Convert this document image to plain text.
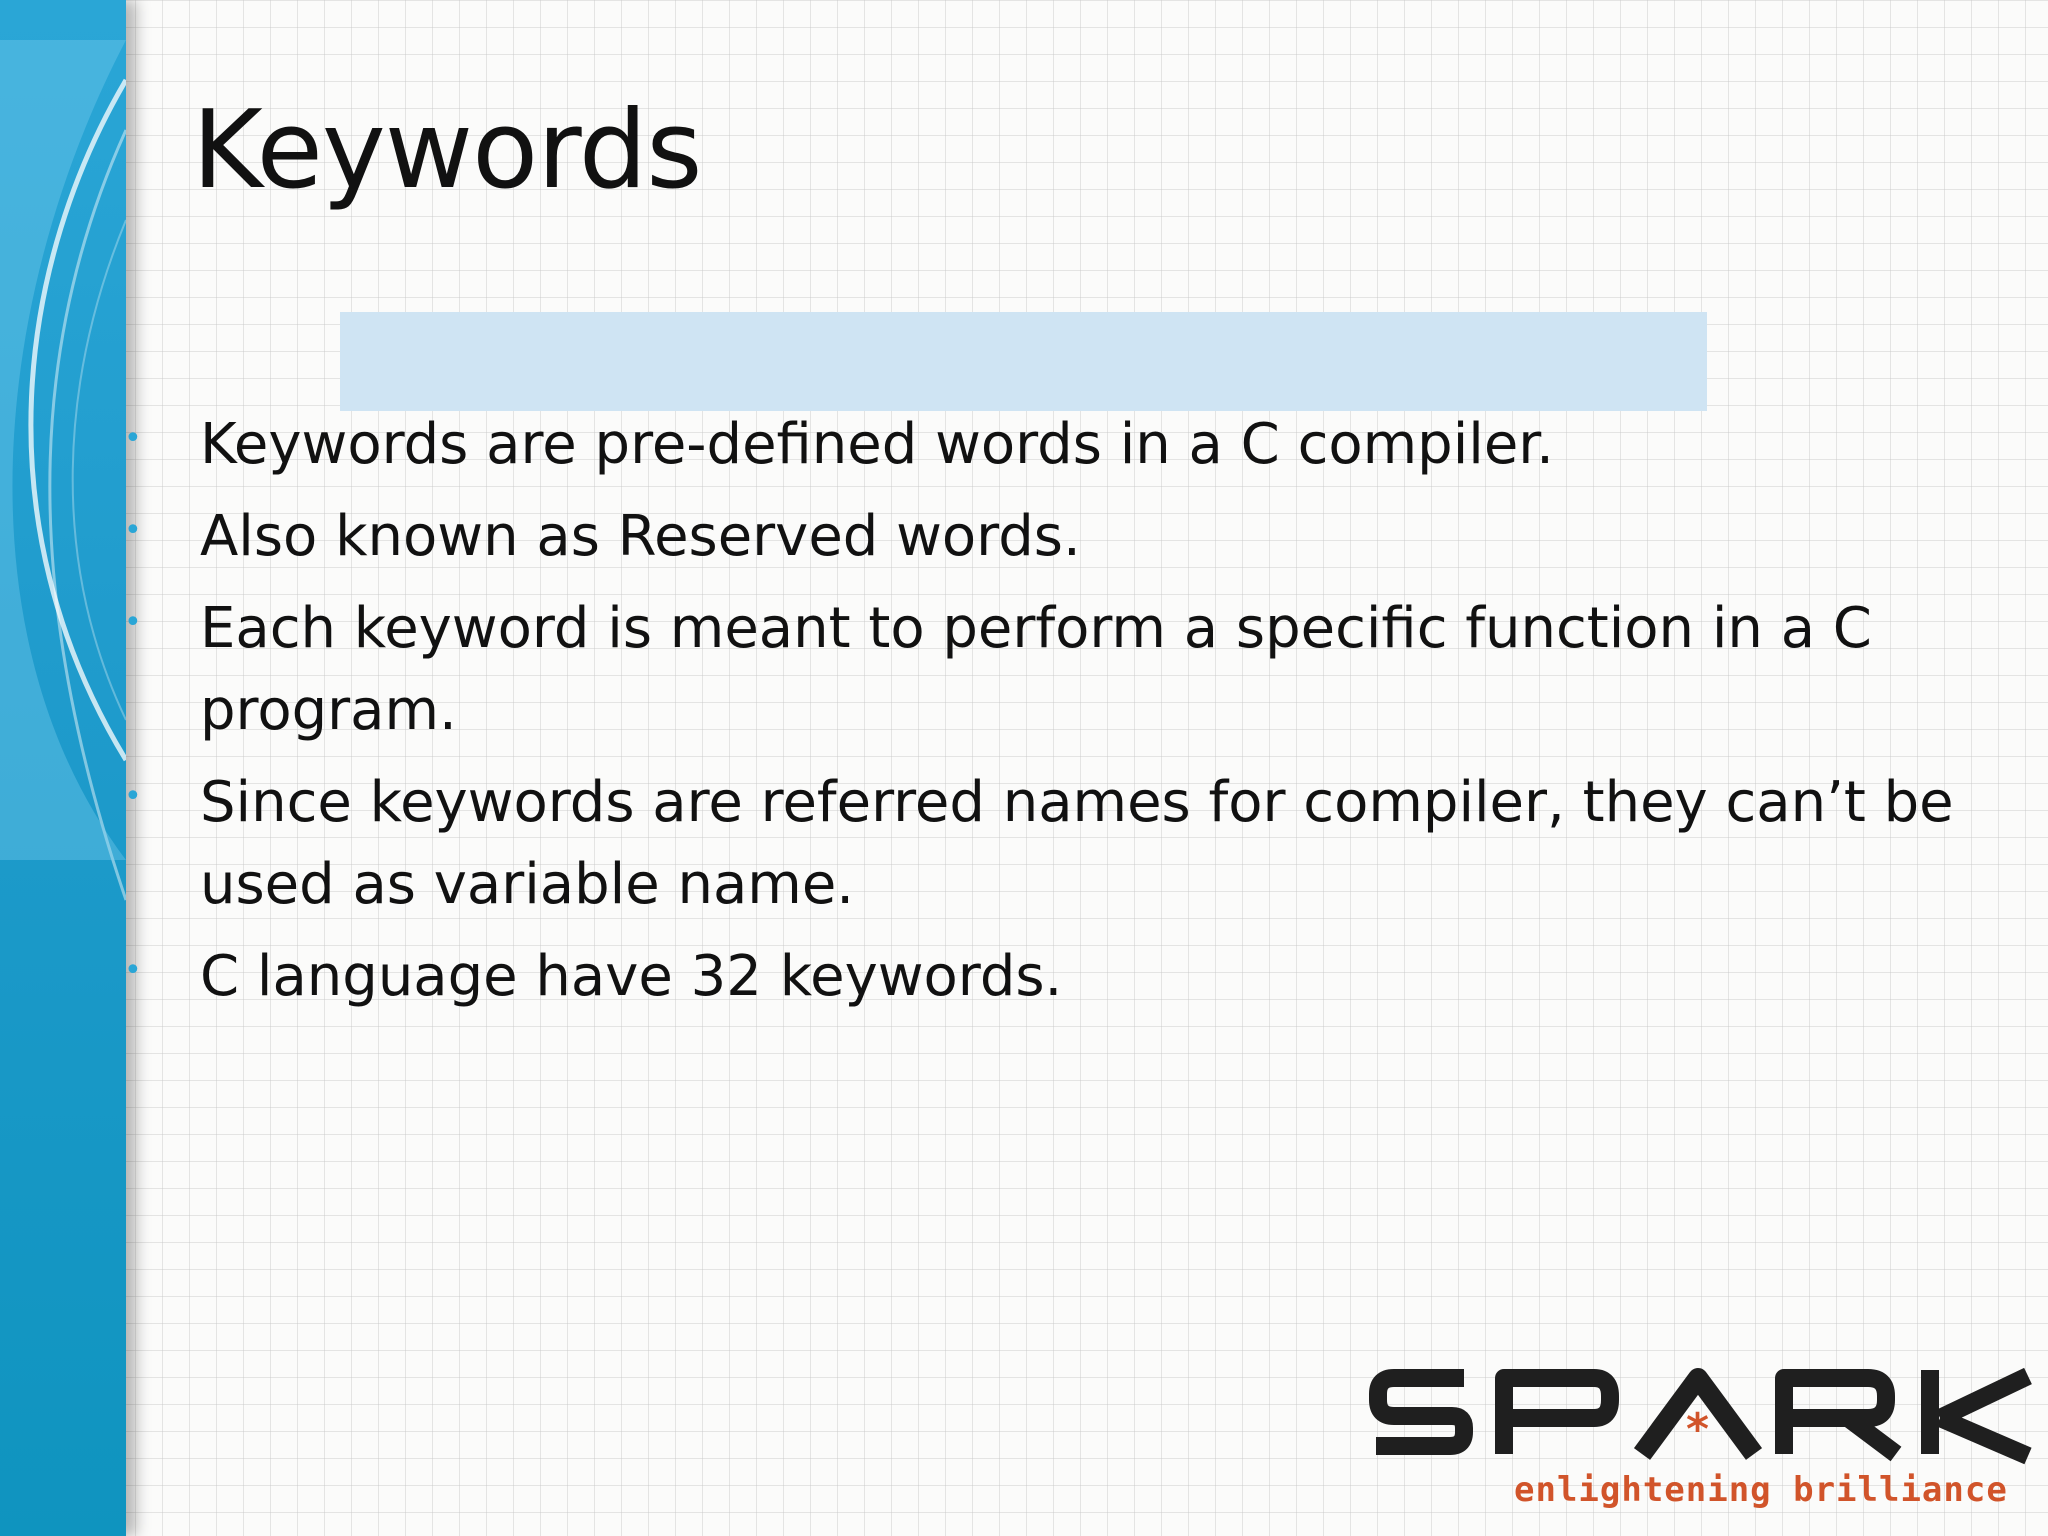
Keywords
• Keywords are pre-defined words in a C compiler.
• Also known as Reserved words.
• Each keyword is meant to perform a specific function in a C program.
• Since keywords are referred names for compiler, they can’t be used as variable name.
• C language have 32 keywords.
*
enlightening brilliance
